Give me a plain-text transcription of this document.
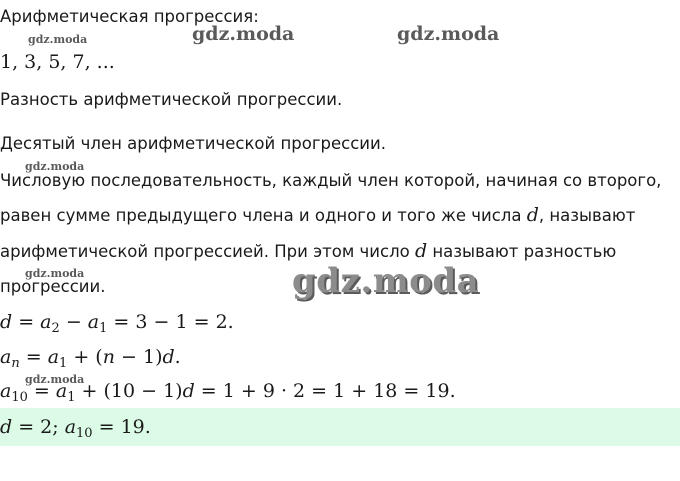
gdz.moda	gdz.moda	gdz.moda
gdz.moda
gdz.moda	gdz.moda
gdz.moda
Арифметическая прогрессия:
1, 3, 5, 7, ...
Разность арифметической прогрессии.
Десятый член арифметической прогрессии.
Числовую последовательность, каждый член которой, начиная со второго,
равен сумме предыдущего члена и одного и того же числа d, называют
арифметической прогрессией. При этом число d называют разностью
прогрессии.
$d = a_2 - a_1 = 3 - 1 = 2$.
$a_n = a_1 + (n - 1)d$.
$a_{10} = a_1 + (10 - 1)d = 1 + 9 \cdot 2 = 1 + 18 = 19$.
d = 2; $a_{10} = 19$.
